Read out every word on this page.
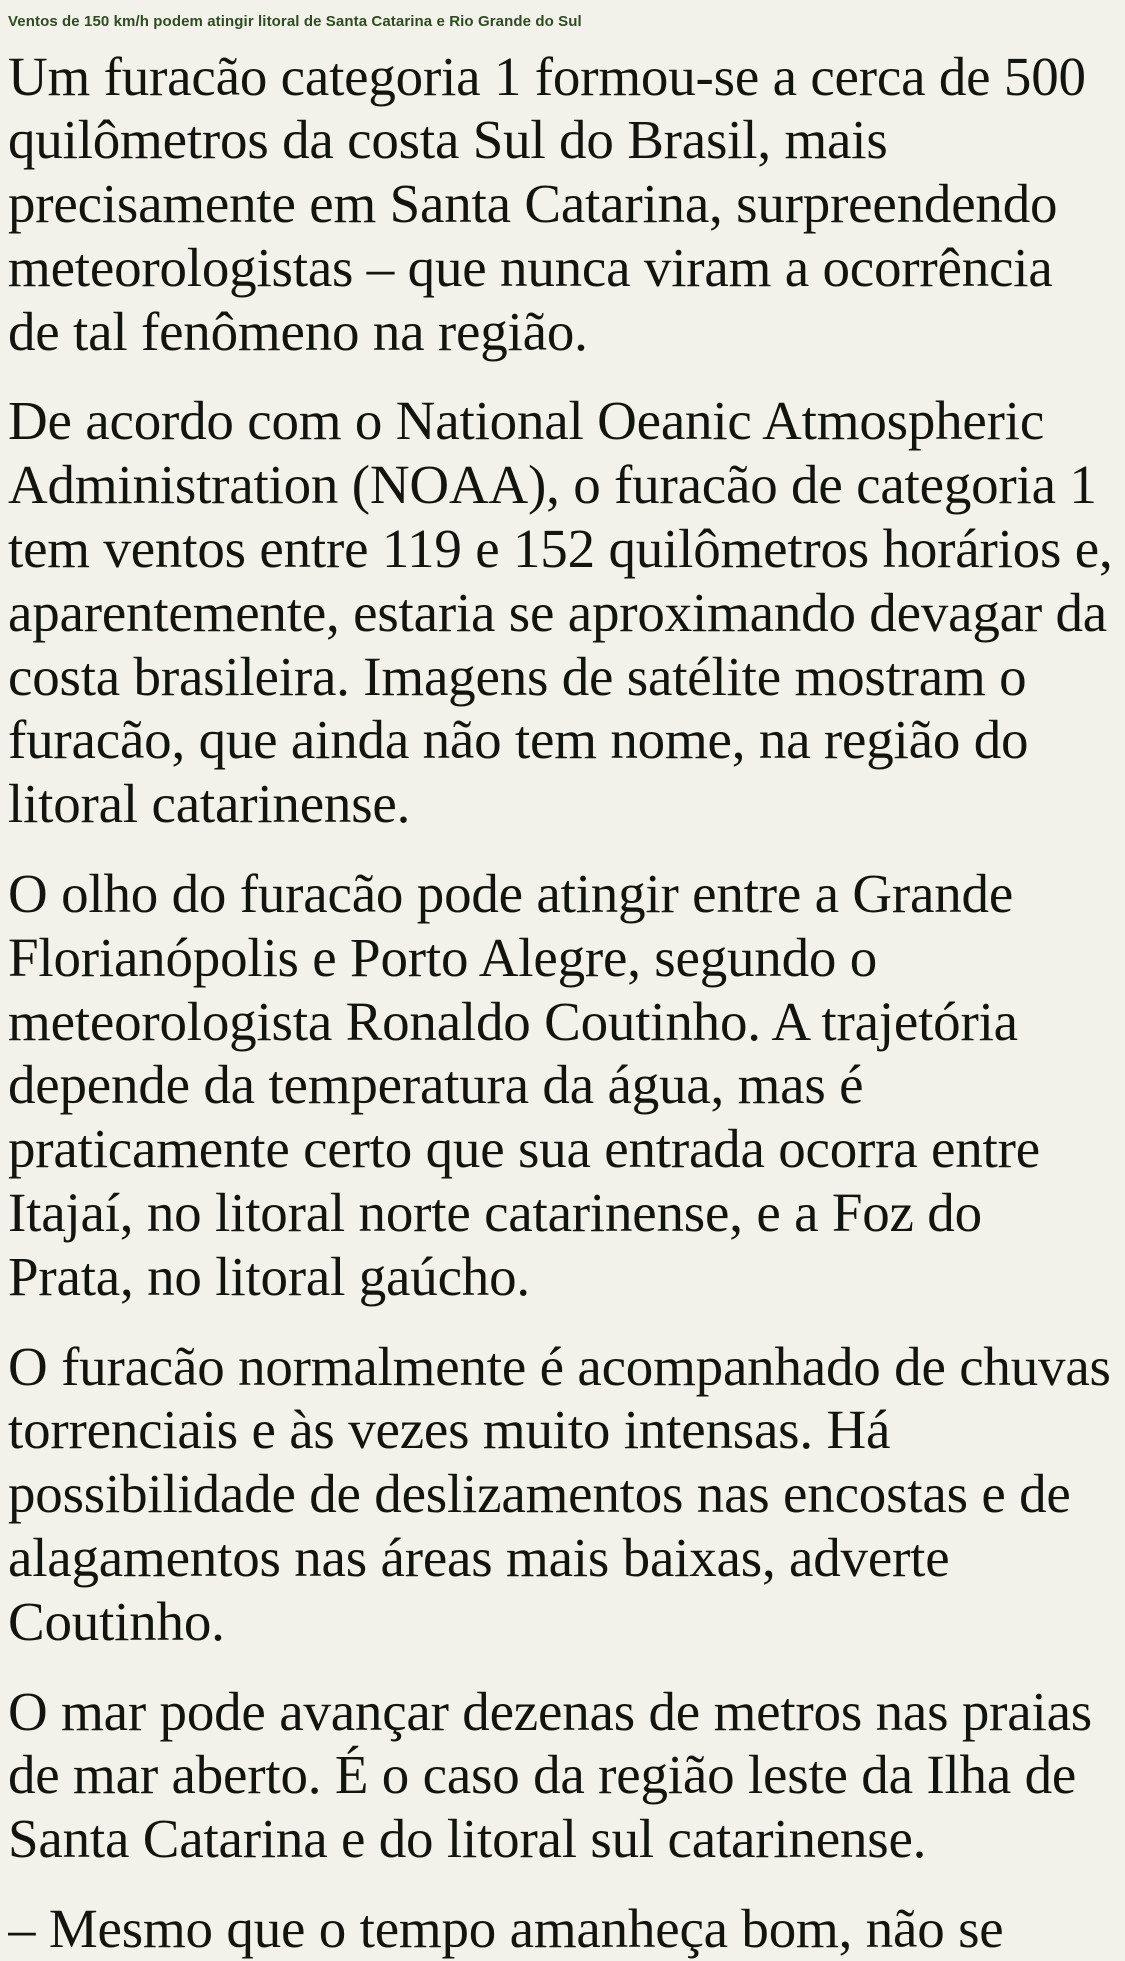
Ventos de 150 km/h podem atingir litoral de Santa Catarina e Rio Grande do Sul

Um furacão categoria 1 formou-se a cerca de 500 quilômetros da costa Sul do Brasil, mais precisamente em Santa Catarina, surpreendendo meteorologistas – que nunca viram a ocorrência de tal fenômeno na região.

De acordo com o National Oeanic Atmospheric Administration (NOAA), o furacão de categoria 1 tem ventos entre 119 e 152 quilômetros horários e, aparentemente, estaria se aproximando devagar da costa brasileira. Imagens de satélite mostram o furacão, que ainda não tem nome, na região do litoral catarinense.

O olho do furacão pode atingir entre a Grande Florianópolis e Porto Alegre, segundo o meteorologista Ronaldo Coutinho. A trajetória depende da temperatura da água, mas é praticamente certo que sua entrada ocorra entre Itajaí, no litoral norte catarinense, e a Foz do Prata, no litoral gaúcho.

O furacão normalmente é acompanhado de chuvas torrenciais e às vezes muito intensas. Há possibilidade de deslizamentos nas encostas e de alagamentos nas áreas mais baixas, adverte Coutinho.

O mar pode avançar dezenas de metros nas praias de mar aberto. É o caso da região leste da Ilha de Santa Catarina e do litoral sul catarinense.

– Mesmo que o tempo amanheça bom, não se
